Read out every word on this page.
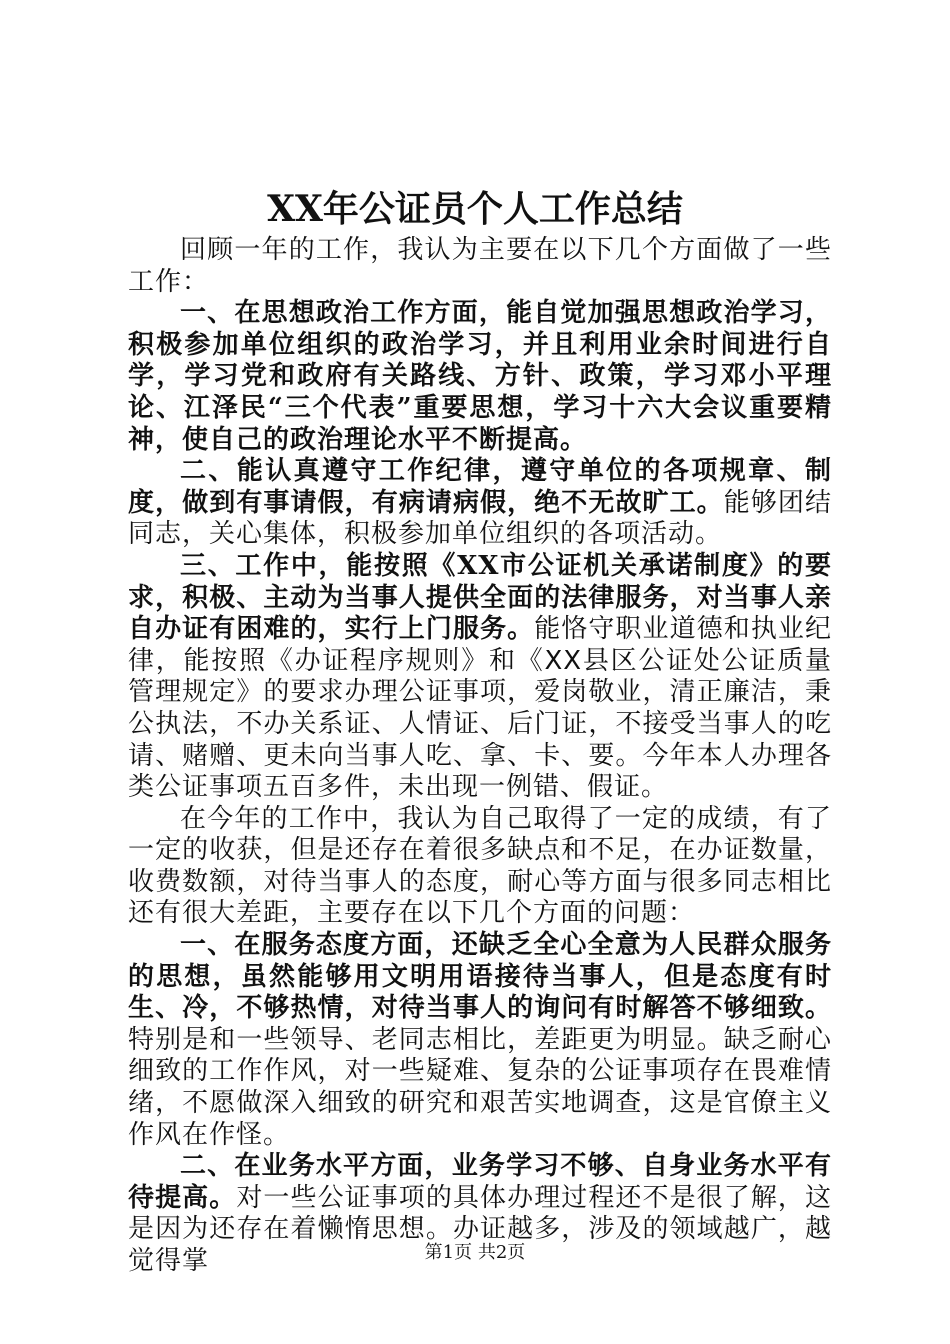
XX年公证员个人工作总结

回顾一年的工作，我认为主要在以下几个方面做了一些工作：

一、在思想政治工作方面，能自觉加强思想政治学习，积极参加单位组织的政治学习，并且利用业余时间进行自学，学习党和政府有关路线、方针、政策，学习邓小平理论、江泽民“三个代表”重要思想，学习十六大会议重要精神，使自己的政治理论水平不断提高。

二、能认真遵守工作纪律，遵守单位的各项规章、制度，做到有事请假，有病请病假，绝不无故旷工。能够团结同志，关心集体，积极参加单位组织的各项活动。

三、工作中，能按照《XX市公证机关承诺制度》的要求，积极、主动为当事人提供全面的法律服务，对当事人亲自办证有困难的，实行上门服务。能恪守职业道德和执业纪律，能按照《办证程序规则》和《XX县区公证处公证质量管理规定》的要求办理公证事项，爱岗敬业，清正廉洁，秉公执法，不办关系证、人情证、后门证，不接受当事人的吃请、赌赠、更未向当事人吃、拿、卡、要。今年本人办理各类公证事项五百多件，未出现一例错、假证。

在今年的工作中，我认为自己取得了一定的成绩，有了一定的收获，但是还存在着很多缺点和不足，在办证数量，收费数额，对待当事人的态度，耐心等方面与很多同志相比还有很大差距，主要存在以下几个方面的问题：

一、在服务态度方面，还缺乏全心全意为人民群众服务的思想，虽然能够用文明用语接待当事人，但是态度有时生、冷，不够热情，对待当事人的询问有时解答不够细致。特别是和一些领导、老同志相比，差距更为明显。缺乏耐心细致的工作作风，对一些疑难、复杂的公证事项存在畏难情绪，不愿做深入细致的研究和艰苦实地调查，这是官僚主义作风在作怪。

二、在业务水平方面，业务学习不够、自身业务水平有待提高。对一些公证事项的具体办理过程还不是很了解，这是因为还存在着懒惰思想。办证越多，涉及的领域越广，越觉得掌	第1页 共2页
